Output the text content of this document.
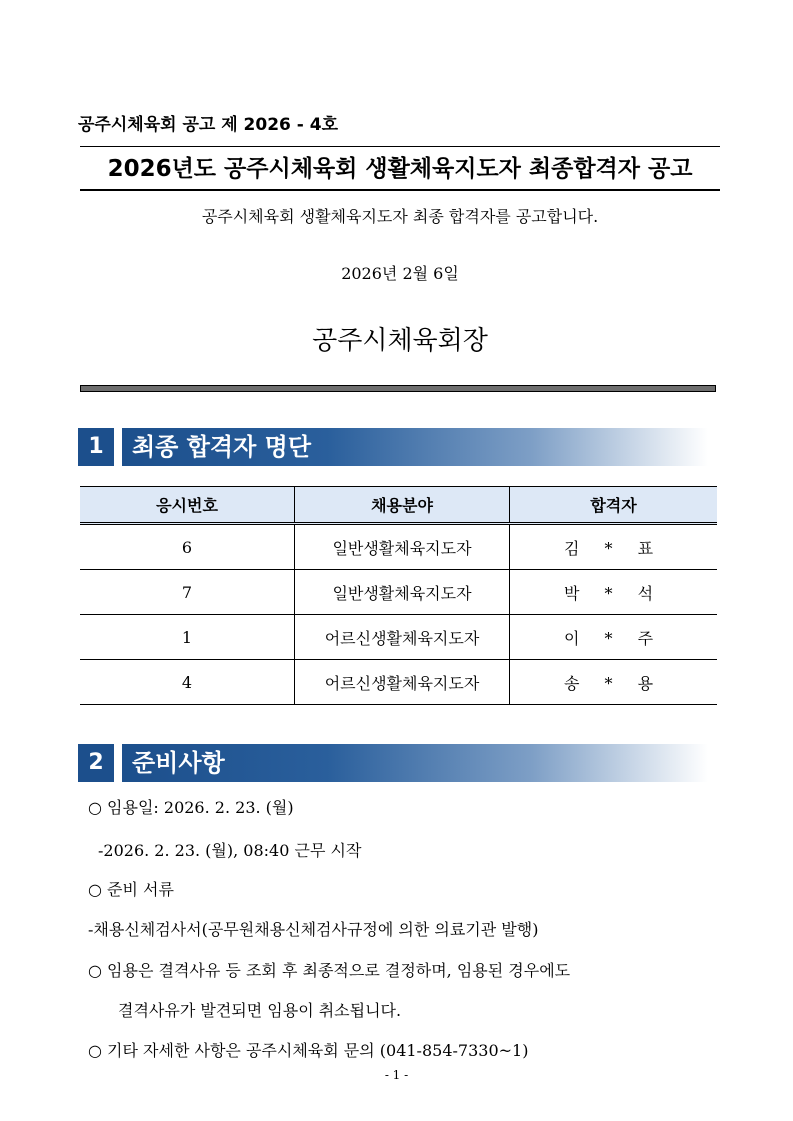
공주시체육회 공고 제 2026 - 4호
2026년도 공주시체육회 생활체육지도자 최종합격자 공고
공주시체육회 생활체육지도자 최종 합격자를 공고합니다.
2026년 2월 6일
공주시체육회장
1	최종 합격자 명단
응시번호	채용분야	합격자
6	일반생활체육지도자	김 * 표
7	일반생활체육지도자	박 * 석
1	어르신생활체육지도자	이 * 주
4	어르신생활체육지도자	송 * 용
2	준비사항
○ 임용일: 2026. 2. 23. (월)
-2026. 2. 23. (월), 08:40 근무 시작
○ 준비 서류
-채용신체검사서(공무원채용신체검사규정에 의한 의료기관 발행)
○ 임용은 결격사유 등 조회 후 최종적으로 결정하며, 임용된 경우에도
결격사유가 발견되면 임용이 취소됩니다.
○ 기타 자세한 사항은 공주시체육회 문의 (041-854-7330~1)
- 1 -
